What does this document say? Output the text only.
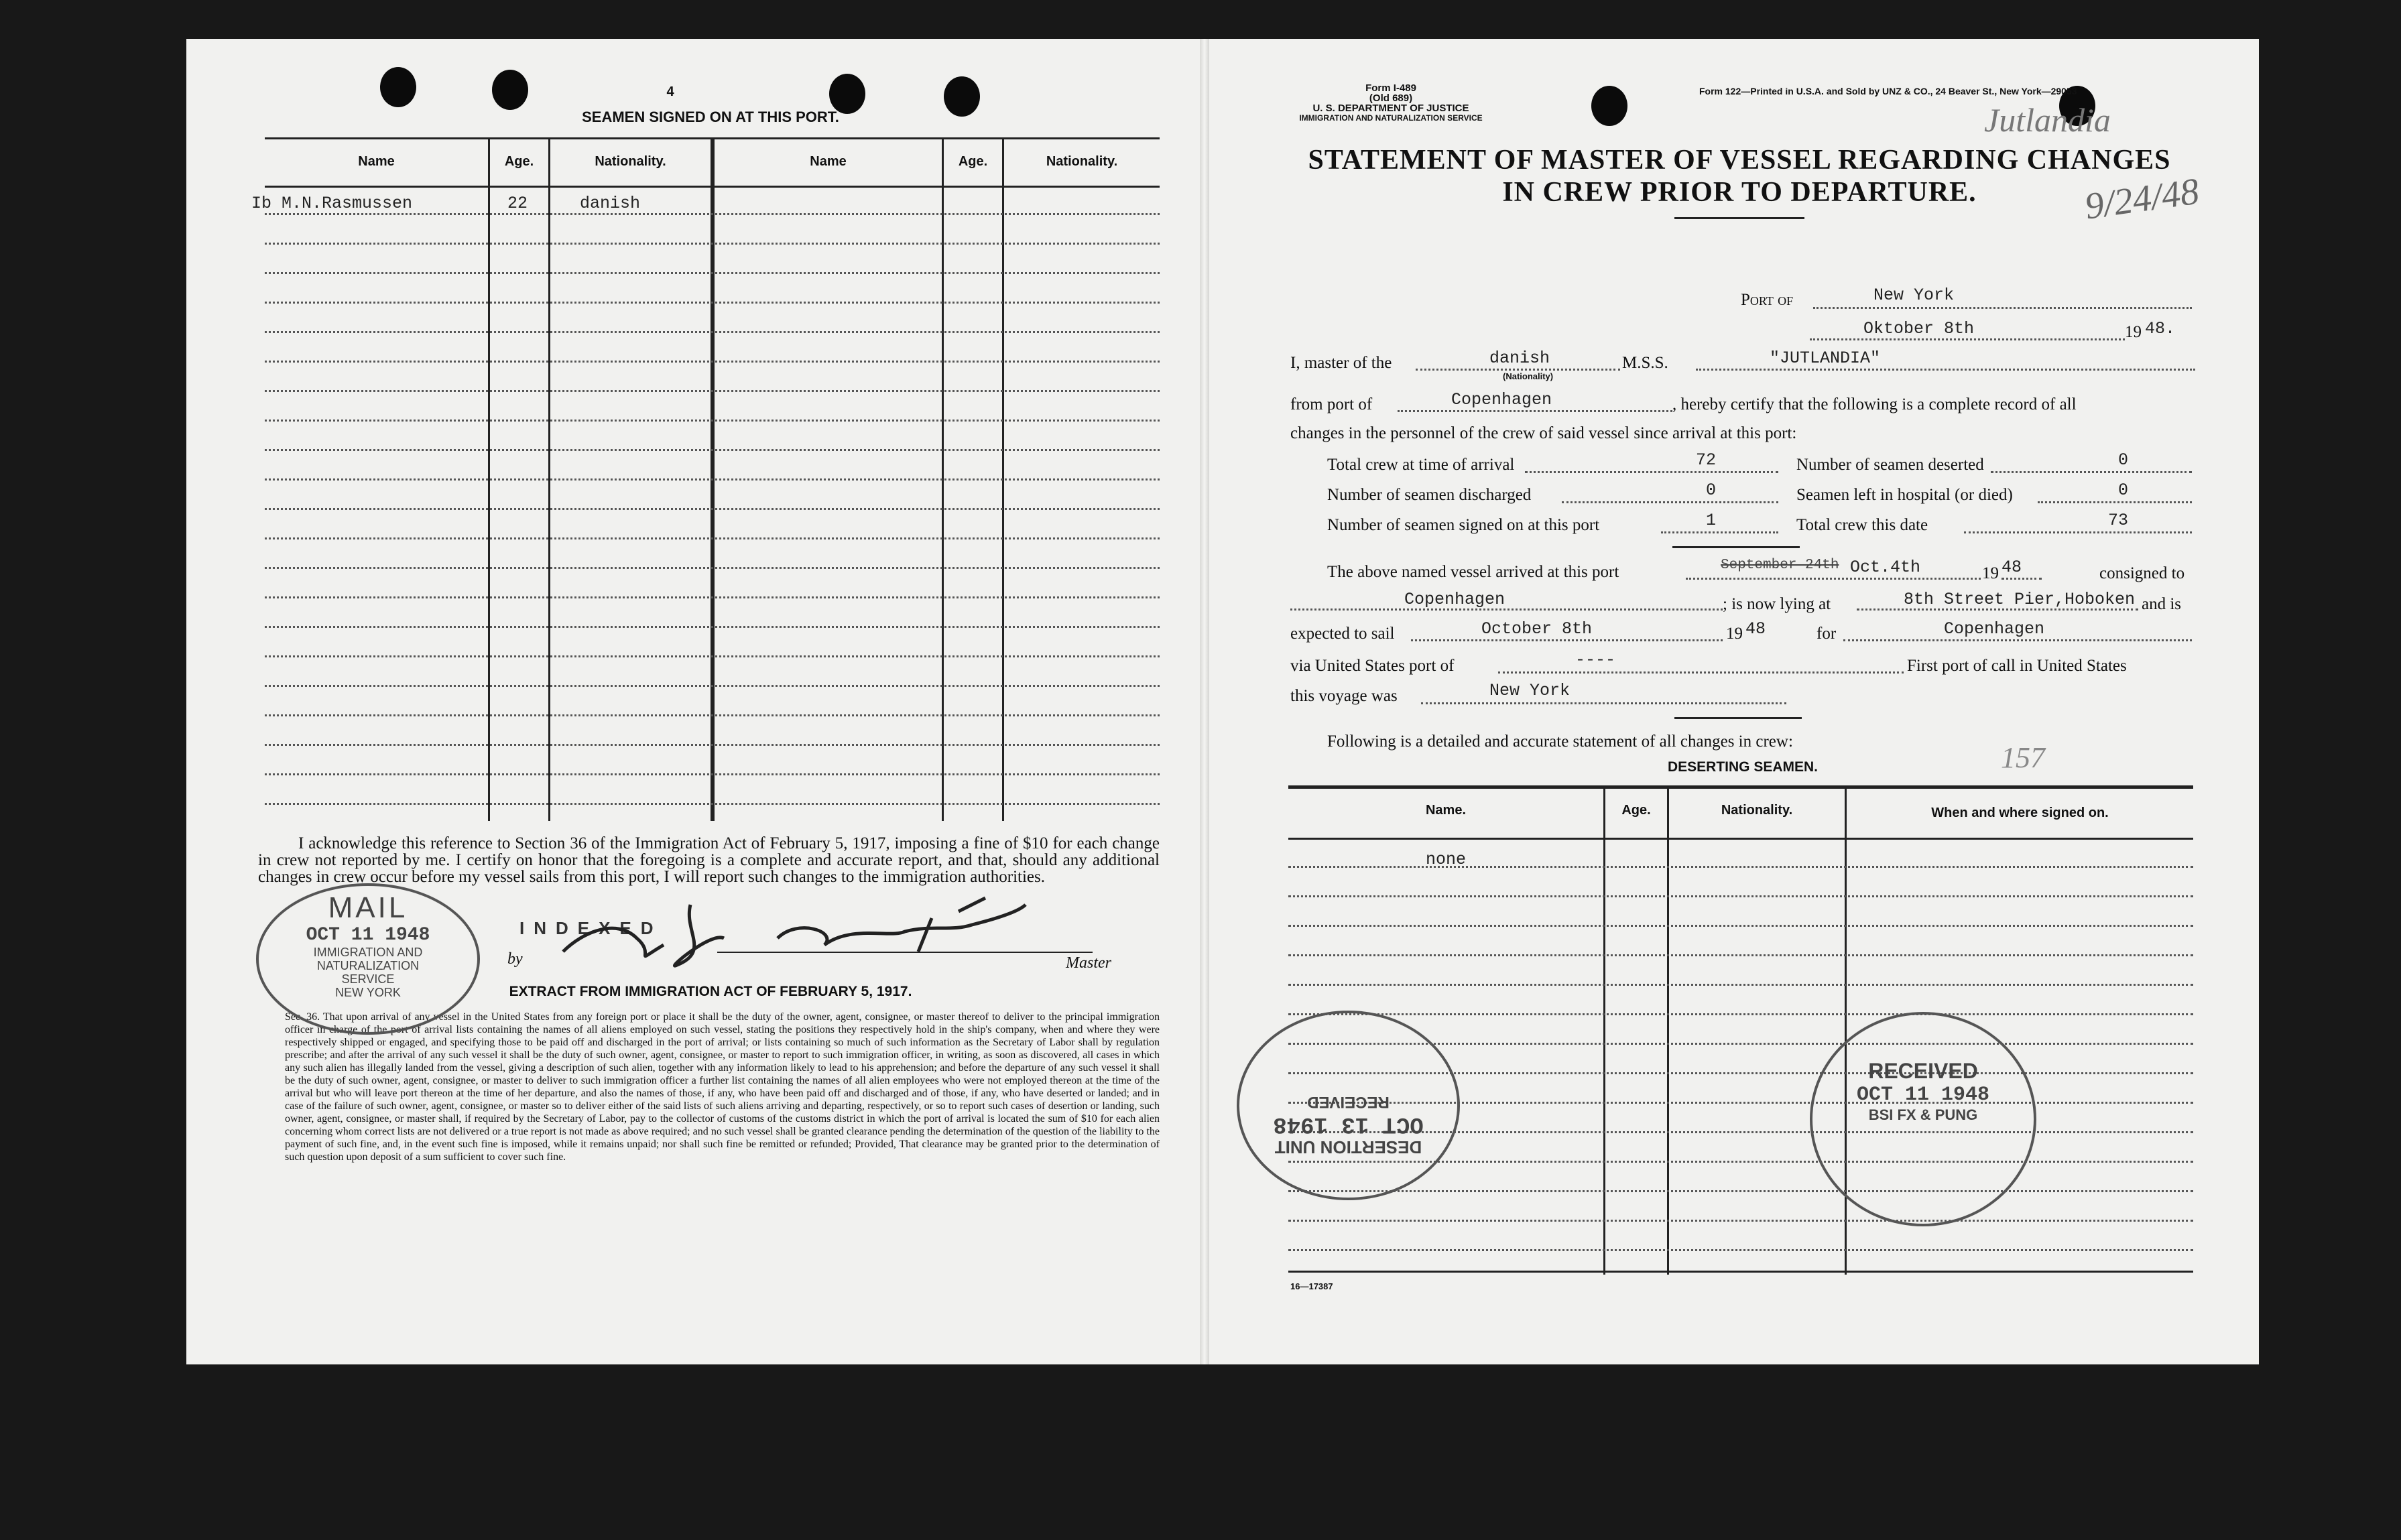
4
SEAMEN SIGNED ON AT THIS PORT.
Name	Age.	Nationality.	Name	Age.	Nationality.
Ib M.N.Rasmussen	22	danish
I acknowledge this reference to Section 36 of the Immigration Act of February 5, 1917, imposing a fine of $10 for each change in crew not reported by me. I certify on honor that the foregoing is a complete and accurate report, and that, should any additional changes in crew occur before my vessel sails from this port, I will report such changes to the immigration authorities.
INDEXED
by	Master
EXTRACT FROM IMMIGRATION ACT OF FEBRUARY 5, 1917.
Sec. 36. That upon arrival of any vessel in the United States from any foreign port or place it shall be the duty of the owner, agent, consignee, or master thereof to deliver to the principal immigration officer in charge of the port of arrival lists containing the names of all aliens employed on such vessel, stating the positions they respectively hold in the ship's company, when and where they were respectively shipped or engaged, and specifying those to be paid off and discharged in the port of arrival; or lists containing so much of such information as the Secretary of Labor shall by regulation prescribe; and after the arrival of any such vessel it shall be the duty of such owner, agent, consignee, or master to report to such immigration officer, in writing, as soon as discovered, all cases in which any such alien has illegally landed from the vessel, giving a description of such alien, together with any information likely to lead to his apprehension; and before the departure of any such vessel it shall be the duty of such owner, agent, consignee, or master to deliver to such immigration officer a further list containing the names of all alien employees who were not employed thereon at the time of the arrival but who will leave port thereon at the time of her departure, and also the names of those, if any, who have been paid off and discharged and of those, if any, who have deserted or landed; and in case of the failure of such owner, agent, consignee, or master so to deliver either of the said lists of such aliens arriving and departing, respectively, or so to report such cases of desertion or landing, such owner, agent, consignee, or master shall, if required by the Secretary of Labor, pay to the collector of customs of the customs district in which the port of arrival is located the sum of $10 for each alien concerning whom correct lists are not delivered or a true report is not made as above required; and no such vessel shall be granted clearance pending the determination of the question of the liability to the payment of such fine, and, in the event such fine is imposed, while it remains unpaid; nor shall such fine be remitted or refunded; Provided, That clearance may be granted prior to the determination of such question upon deposit of a sum sufficient to cover such fine.
MAIL
OCT 11 1948
IMMIGRATION AND
NATURALIZATION
SERVICE
NEW YORK
Form I-489
(Old 689)
U. S. DEPARTMENT OF JUSTICE
IMMIGRATION AND NATURALIZATION SERVICE
Form 122—Printed in U.S.A. and Sold by UNZ & CO., 24 Beaver St., New York—29053
Jutlandia
9/24/48
STATEMENT OF MASTER OF VESSEL REGARDING CHANGES
IN CREW PRIOR TO DEPARTURE.
Port of	New York
Oktober 8th	19 48.
I, master of the	danish
(Nationality)
M.S.S.	"JUTLANDIA"
from port of	Copenhagen	, hereby certify that the following is a complete record of all
changes in the personnel of the crew of said vessel since arrival at this port:
Total crew at time of arrival	72	Number of seamen deserted	0
Number of seamen discharged	0	Seamen left in hospital (or died)	0
Number of seamen signed on at this port	1	Total crew this date	73
The above named vessel arrived at this port	September 24th Oct.4th	19 48	consigned to
Copenhagen	; is now lying at	8th Street Pier,Hoboken and is
expected to sail	October 8th	19 48	for	Copenhagen
via United States port of	----	First port of call in United States
this voyage was	New York
Following is a detailed and accurate statement of all changes in crew:
DESERTING SEAMEN.	157
Name.	Age.	Nationality.	When and where signed on.
none
16—17387
DESERTION UNIT
OCT 13 1948
RECEIVED
RECEIVED
OCT 11 1948
BSI FX & PUNG
